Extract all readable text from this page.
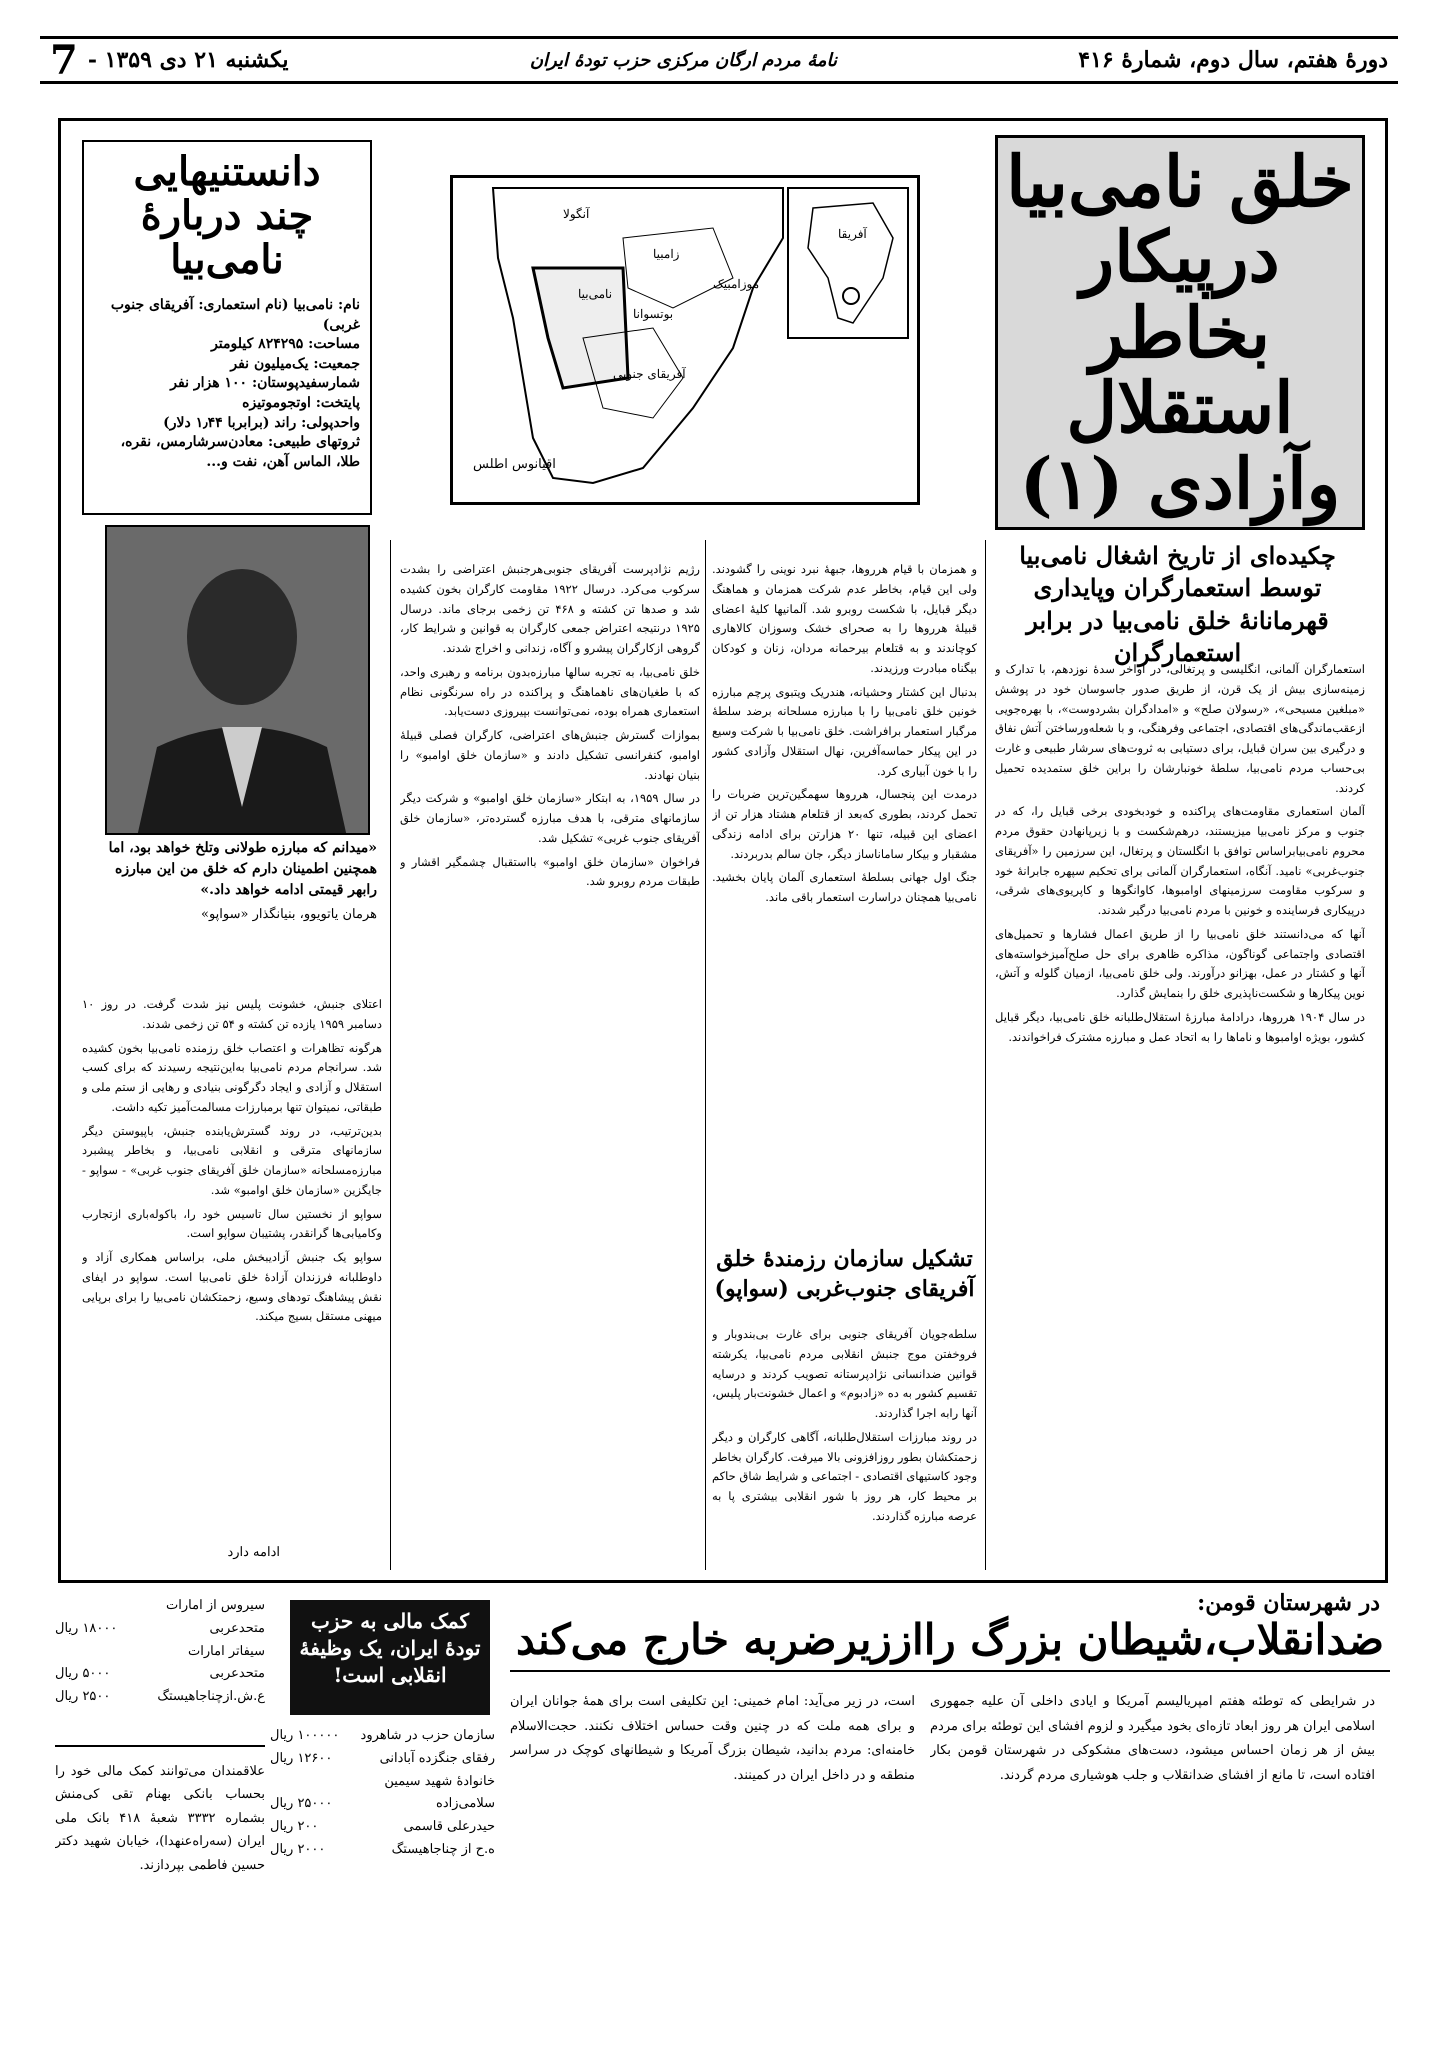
یکشنبه ۲۱ دی ۱۳۵۹ -
7	نامهٔ مردم ارگان مرکزی حزب تودهٔ ایران	دورهٔ هفتم، سال دوم، شمارهٔ ۴۱۶
خلق نامی‌بیا
درپیکار
بخاطر
استقلال
وآزادی (۱)
چکیده‌ای از تاریخ اشغال نامی‌بیا توسط استعمارگران وپایداری قهرمانانهٔ خلق نامی‌بیا در برابر استعمارگران
دانستنیهایی
چند دربارهٔ
نامی‌بیا
نام: نامی‌بیا (نام استعماری: آفریقای جنوب غربی)
مساحت: ۸۲۴۲۹۵ کیلومتر
جمعیت: یک‌میلیون نفر
شمارسفیدپوستان: ۱۰۰ هزار نفر
پایتخت: اوتجوموتیزه
واحدپولی: راند (برابربا ۱٫۴۴ دلار)
ثروتهای طبیعی: معادن‌سرشارمس، نقره، طلا، الماس آهن، نفت و...
آنگولا
زامبیا
موزامبیک
بوتسوانا
نامی‌بیا
آفریقای جنوبی
اقیانوس اطلس
آفریقا
«میدانم که مبارزه طولانی وتلخ خواهد بود، اما همچنین اطمینان دارم که خلق من این مبارزه رابهر قیمتی ادامه خواهد داد.»
هرمان یاتویوو، بنیانگذار «سواپو»

استعمارگران آلمانی، انگلیسی و پرتغالی، در اواخر سدهٔ نوزدهم، با تدارک و زمینه‌سازی بیش از یک قرن، از طریق صدور جاسوسان خود در پوشش «مبلغین مسیحی»، «رسولان صلح» و «امدادگران بشردوست»، با بهره‌جویی ازعقب‌ماندگی‌های اقتصادی، اجتماعی وفرهنگی، و با شعله‌ورساختن آتش نفاق و درگیری بین سران قبایل، برای دستیابی به ثروت‌های سرشار طبیعی و غارت بی‌حساب مردم نامی‌بیا، سلطهٔ خونبارشان را براین خلق ستمدیده تحمیل کردند.

آلمان استعماری مقاومت‌های پراکنده و خودبخودی برخی قبایل را، که در جنوب و مرکز نامی‌بیا میزیستند، درهم‌شکست و با زیرپانهادن حقوق مردم محروم نامی‌بیابراساس توافق با انگلستان و پرتغال، این سرزمین را «آفریقای جنوب‌غربی» نامید. آنگاه، استعمارگران آلمانی برای تحکیم سپهره جابرانهٔ خود و سرکوب مقاومت سرزمینهای اوامبوها، کاوانگوها و کاپریوی‌های شرقی، درپیکاری فرساینده و خونین با مردم نامی‌بیا درگیر شدند.

آنها که می‌دانستند خلق نامی‌بیا را از طریق اعمال فشارها و تحمیل‌های اقتصادی واجتماعی گوناگون، مذاکره ظاهری برای حل صلح‌آمیزخواسته‌های آنها و کشتار در عمل، بهزانو درآورند. ولی خلق نامی‌بیا، ازمیان گلوله و آتش، نوین پیکارها و شکست‌ناپذیری خلق را بنمایش گذارد.

در سال ۱۹۰۴ هرروها، درادامهٔ مبارزهٔ استقلال‌طلبانه خلق نامی‌بیا، دیگر قبایل کشور، بویژه اوامبوها و ناماها را به اتحاد عمل و مبارزه مشترک فراخواندند.

و همزمان با قیام هرروها، جبههٔ نبرد نوینی را گشودند. ولی این قیام، بخاطر عدم شرکت همزمان و هماهنگ دیگر قبایل، با شکست روبرو شد. آلمانیها کلیهٔ اعضای قبیلهٔ هرروها را به صحرای خشک وسوزان کالاهاری کوچاندند و به قتلعام بیرحمانه مردان، زنان و کودکان بیگناه مبادرت ورزیدند.

بدنبال این کشتار وحشیانه، هندریک ویتبوی پرچم مبارزه خونین خلق نامی‌بیا را با مبارزه مسلحانه برضد سلطهٔ مرگبار استعمار برافراشت. خلق نامی‌بیا با شرکت وسیع در این پیکار حماسه‌آفرین، نهال استقلال وآزادی کشور را با خون آبیاری کرد.

درمدت این پنجسال، هرروها سهمگین‌ترین ضربات را تحمل کردند، بطوری که‌بعد از قتلعام هشتاد هزار تن از اعضای این قبیله، تنها ۲۰ هزارتن برای ادامه زندگی مشقبار و بیکار ساماناساز دیگر، جان سالم بدربردند.

جنگ اول جهانی بسلطهٔ استعماری آلمان پایان بخشید. نامی‌بیا همچنان دراسارت استعمار باقی ماند.

رژیم نژادپرست آفریقای جنوبی‌هرجنبش اعتراضی را بشدت سرکوب می‌کرد. درسال ۱۹۲۲ مقاومت کارگران بخون کشیده شد و صدها تن کشته و ۴۶۸ تن زخمی برجای ماند. درسال ۱۹۲۵ درنتیجه اعتراض جمعی کارگران به قوانین و شرایط کار، گروهی ازکارگران پیشرو و آگاه، زندانی و اخراج شدند.

خلق نامی‌بیا، به تجربه سالها مبارزه‌بدون برنامه و رهبری واحد، که با طغیان‌های ناهماهنگ و پراکنده در راه سرنگونی نظام استعماری همراه بوده، نمی‌توانست بپیروزی دست‌یابد.

بموازات گسترش جنبش‌های اعتراضی، کارگران فصلی قبیلهٔ اوامبو، کنفرانسی تشکیل دادند و «سازمان خلق اوامبو» را بنیان نهادند.

در سال ۱۹۵۹، به ابتکار «سازمان خلق اوامبو» و شرکت دیگر سازمانهای مترقی، با هدف مبارزه گسترده‌تر، «سازمان خلق آفریقای جنوب غربی» تشکیل شد.

فراخوان «سازمان خلق اوامبو» بااستقبال چشمگیر اقشار و طبقات مردم روبرو شد.

تشکیل سازمان رزمندهٔ خلق آفریقای جنوب‌غربی (سواپو)

سلطه‌جویان آفریقای جنوبی برای غارت بی‌بندوبار و فروخفتن موج جنبش انقلابی مردم نامی‌بیا، یکرشته قوانین ضدانسانی نژادپرستانه تصویب کردند و درسایه تقسیم کشور به ده «زادبوم» و اعمال خشونت‌بار پلیس، آنها رابه اجرا گذاردند.

در روند مبارزات استقلال‌طلبانه، آگاهی کارگران و دیگر زحمتکشان بطور روزافزونی بالا میرفت. کارگران بخاطر وجود کاستیهای اقتصادی - اجتماعی و شرایط شاق حاکم بر محیط کار، هر روز با شور انقلابی بیشتری پا به عرصه مبارزه گذاردند.

اعتلای جنبش، خشونت پلیس نیز شدت گرفت. در روز ۱۰ دسامبر ۱۹۵۹ یازده تن کشته و ۵۴ تن زخمی شدند.

هرگونه تظاهرات و اعتصاب خلق رزمنده نامی‌بیا بخون کشیده شد. سرانجام مردم نامی‌بیا به‌این‌نتیجه رسیدند که برای کسب استقلال و آزادی و ایجاد دگرگونی بنیادی و رهایی از ستم ملی و طبقاتی، نمیتوان تنها برمبارزات مسالمت‌آمیز تکیه داشت.

بدین‌ترتیب، در روند گسترش‌یابنده جنبش، باپیوستن دیگر سازمانهای مترقی و انقلابی نامی‌بیا، و بخاطر پیشبرد مبارزه‌مسلحانه «سازمان خلق آفریقای جنوب غربی» - سواپو - جایگزین «سازمان خلق اوامبو» شد.

سواپو از نخستین سال تاسیس خود را، باکوله‌باری ازتجارب وکامیابی‌ها گرانقدر، پشتیبان سواپو است.

سواپو یک جنبش آزادیبخش ملی، براساس همکاری آزاد و داوطلبانه فرزندان آزادهٔ خلق نامی‌بیا است. سواپو در ایفای نقش پیشاهنگ تودهای وسیع، زحمتکشان نامی‌بیا را برای برپایی میهنی مستقل بسیج میکند.

ادامه دارد
در شهرستان قومن:
ضدانقلاب،شیطان بزرگ رااززیرضربه خارج می‌کند
در شرایطی که توطئه هفتم امپریالیسم آمریکا و ایادی داخلی آن علیه جمهوری اسلامی ایران هر روز ابعاد تازه‌ای بخود میگیرد و لزوم افشای این توطئه برای مردم بیش از هر زمان احساس میشود، دست‌های مشکوکی در شهرستان قومن بکار افتاده است، تا مانع از افشای ضدانقلاب و جلب هوشیاری مردم گردند.
است، در زیر می‌آید: امام خمینی: این تکلیفی است برای همهٔ جوانان ایران و برای همه ملت که در چنین وقت حساس اختلاف نکنند. حجت‌الاسلام خامنه‌ای: مردم بدانید، شیطان بزرگ آمریکا و شیطانهای کوچک در سراسر منطقه و در داخل ایران در کمینند.
کمک مالی به حزب تودهٔ ایران، یک وظیفهٔ انقلابی است!
سازمان حزب در شاهرود
۱۰۰۰۰۰ ریال
رفقای جنگزده آبادانی
۱۲۶۰۰ ریال
خانوادهٔ شهید سیمین
سلامی‌زاده
۲۵۰۰۰ ریال
حیدرعلی قاسمی
۲۰۰ ریال
ه.ح از چناجاهیستگ
۲۰۰۰ ریال
سیروس از امارات
متحدعربی
۱۸۰۰۰ ریال
سیفاتر امارات
متحدعربی
۵۰۰۰ ریال
ع.ش.ازچناجاهیستگ
۲۵۰۰ ریال
علاقمندان می‌توانند کمک مالی خود را بحساب بانکی بهنام تقی کی‌منش بشماره ۳۳۳۲ شعبهٔ ۴۱۸ بانک ملی ایران (سه‌راه‌عنهدا)، خیابان شهید دکتر حسین فاطمی بپردازند.
